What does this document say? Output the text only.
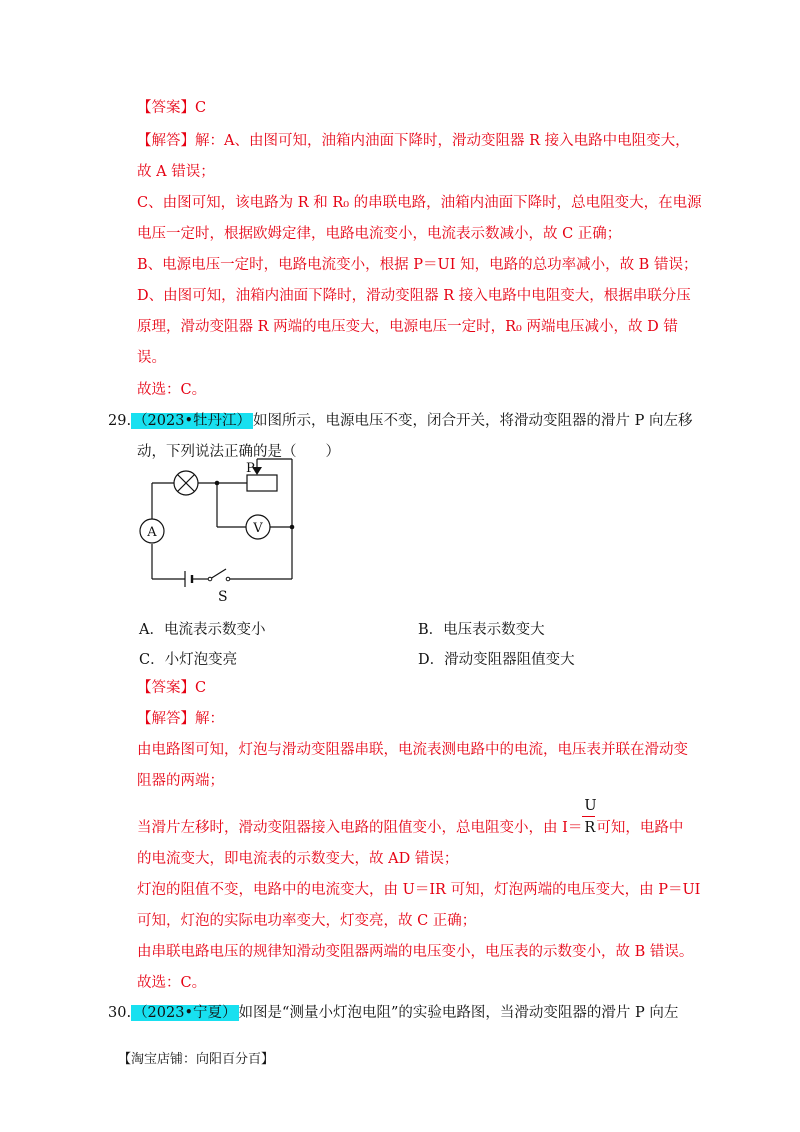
【答案】C
【解答】解：A、由图可知，油箱内油面下降时，滑动变阻器 R 接入电路中电阻变大，
故 A 错误；
C、由图可知，该电路为 R 和 R₀ 的串联电路，油箱内油面下降时，总电阻变大，在电源
电压一定时，根据欧姆定律，电路电流变小，电流表示数减小，故 C 正确；
B、电源电压一定时，电路电流变小，根据 P＝UI 知，电路的总功率减小，故 B 错误；
D、由图可知，油箱内油面下降时，滑动变阻器 R 接入电路中电阻变大，根据串联分压
原理，滑动变阻器 R 两端的电压变大，电源电压一定时，R₀ 两端电压减小，故 D 错
误。
故选：C。
29. （2023•牡丹江） 如图所示，电源电压不变，闭合开关，将滑动变阻器的滑片 P 向左移
动，下列说法正确的是（　　）
A	V
P
S
A．电流表示数变小	B．电压表示数变大
C．小灯泡变亮	D．滑动变阻器阻值变大
【答案】C
【解答】解：
由电路图可知，灯泡与滑动变阻器串联，电流表测电路中的电流，电压表并联在滑动变
阻器的两端；
当滑片左移时，滑动变阻器接入电路的阻值变小，总电阻变小，由 $I= \frac{U}{R}$ 可知，电路中
的电流变大，即电流表的示数变大，故 AD 错误；
灯泡的阻值不变，电路中的电流变大，由 U＝IR 可知，灯泡两端的电压变大，由 P＝UI
可知，灯泡的实际电功率变大，灯变亮，故 C 正确；
由串联电路电压的规律知滑动变阻器两端的电压变小，电压表的示数变小，故 B 错误。
故选：C。
30. （2023•宁夏） 如图是“测量小灯泡电阻”的实验电路图，当滑动变阻器的滑片 P 向左
【淘宝店铺：向阳百分百】
